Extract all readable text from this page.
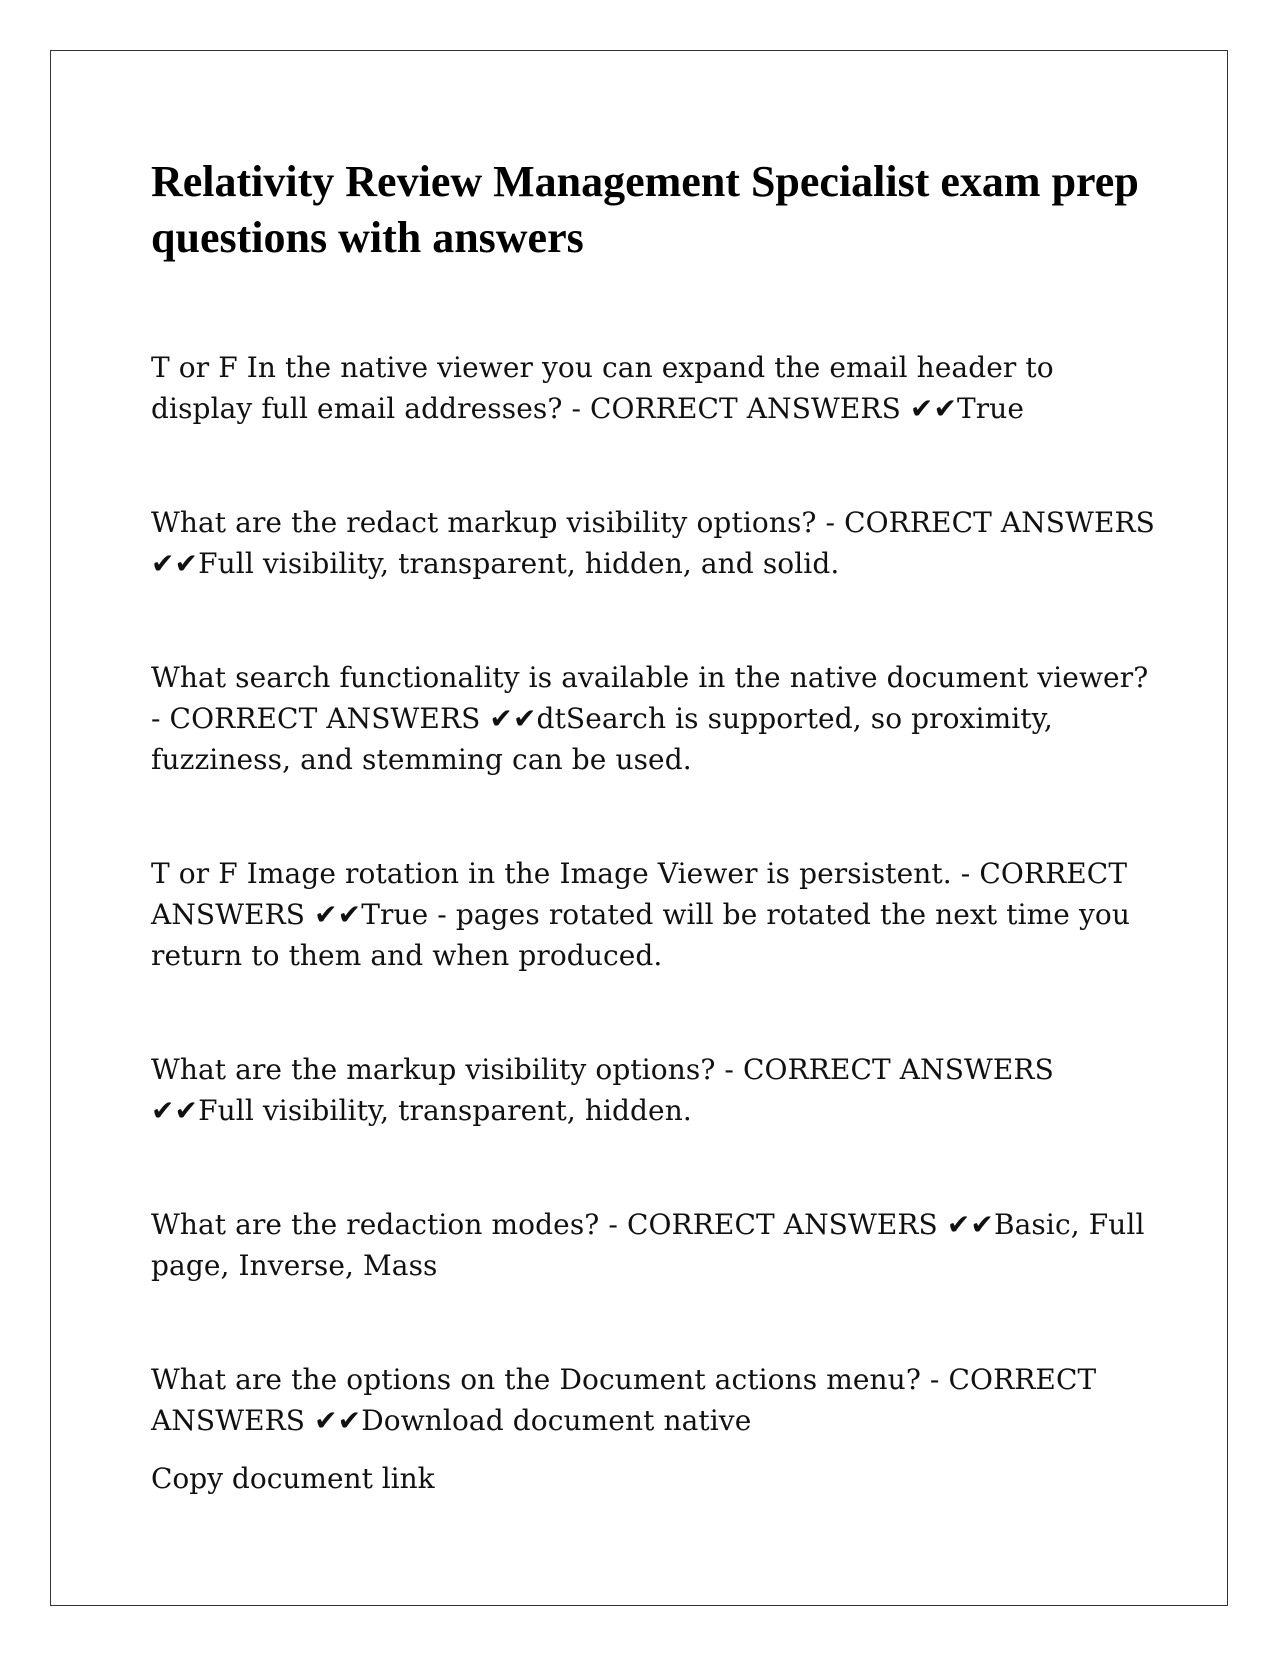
Relativity Review Management Specialist exam prep questions with answers

T or F In the native viewer you can expand the email header to display full email addresses? - CORRECT ANSWERS ✔✔True

What are the redact markup visibility options? - CORRECT ANSWERS ✔✔Full visibility, transparent, hidden, and solid.

What search functionality is available in the native document viewer? - CORRECT ANSWERS ✔✔dtSearch is supported, so proximity, fuzziness, and stemming can be used.

T or F Image rotation in the Image Viewer is persistent. - CORRECT ANSWERS ✔✔True - pages rotated will be rotated the next time you return to them and when produced.

What are the markup visibility options? - CORRECT ANSWERS ✔✔Full visibility, transparent, hidden.

What are the redaction modes? - CORRECT ANSWERS ✔✔Basic, Full page, Inverse, Mass

What are the options on the Document actions menu? - CORRECT ANSWERS ✔✔Download document native

Copy document link
